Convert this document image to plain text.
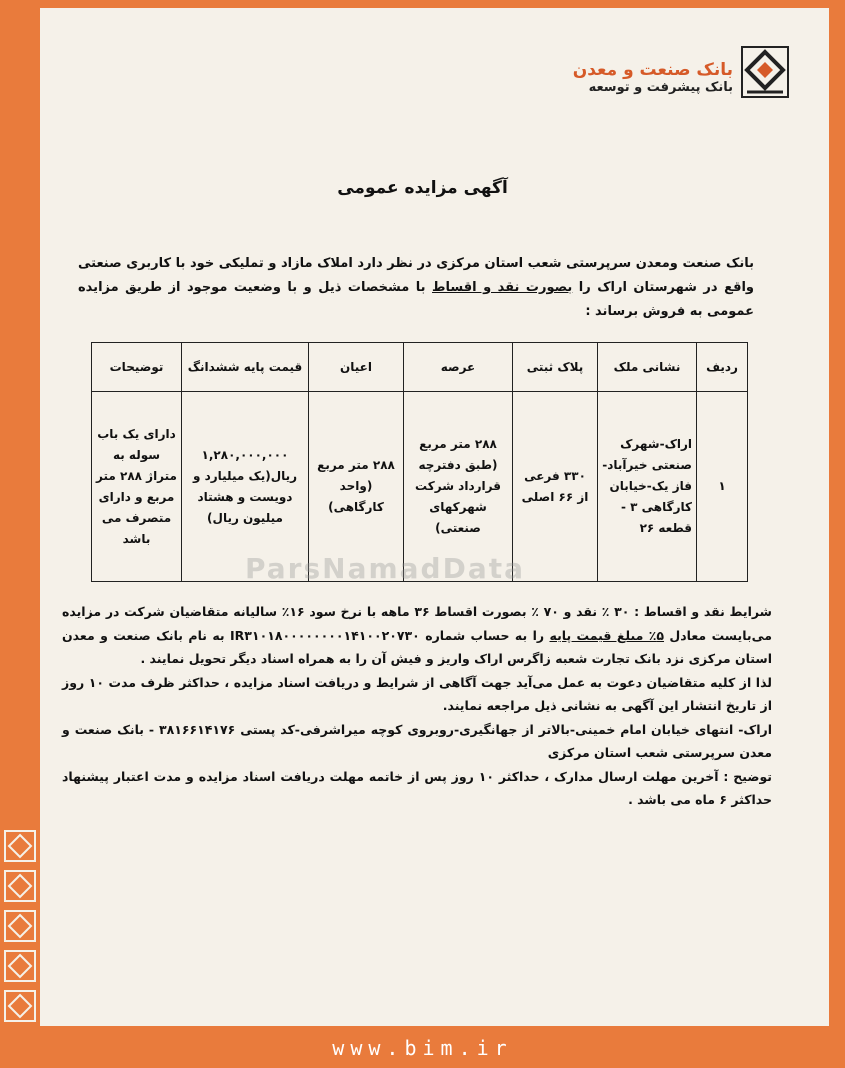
بانک صنعت و معدن
بانک پیشرفت و توسعه
آگهی مزایده عمومی
بانک صنعت ومعدن سرپرستی شعب استان مرکزی در نظر دارد املاک مازاد و تملیکی خود با کاربری صنعتی واقع در شهرستان اراک را بصورت نقد و اقساط با مشخصات ذیل و با وضعیت موجود از طریق مزایده عمومی به فروش برساند :
ردیف	نشانی ملک	پلاک ثبتی	عرصه	اعیان	قیمت پایه ششدانگ	توضیحات
۱	اراک-شهرک صنعتی خیرآباد- فاز یک-خیابان کارگاهی ۳ - قطعه ۲۶	۳۳۰ فرعی از ۶۶ اصلی	۲۸۸ متر مربع (طبق دفترچه قرارداد شرکت شهرکهای صنعتی)	۲۸۸ متر مربع (واحد کارگاهی)	۱,۲۸۰,۰۰۰,۰۰۰ ریال(یک میلیارد و دویست و هشتاد میلیون ریال)	دارای یک باب سوله به متراژ ۲۸۸ متر مربع و دارای متصرف می باشد
ParsNamadData

شرایط نقد و اقساط : ۳۰ ٪ نقد و ۷۰ ٪ بصورت اقساط ۳۶ ماهه با نرخ سود ۱۶٪ سالیانه متقاضیان شرکت در مزایده می‌بایست معادل ۵٪ مبلغ قیمت پایه را به حساب شماره IR۳۱۰۱۸۰۰۰۰۰۰۰۰۱۴۱۰۰۲۰۷۳۰ به نام بانک صنعت و معدن استان مرکزی نزد بانک تجارت شعبه زاگرس اراک واریز و فیش آن را به همراه اسناد دیگر تحویل نمایند .

لذا از کلیه متقاضیان دعوت به عمل می‌آید جهت آگاهی از شرایط و دریافت اسناد مزایده ، حداکثر ظرف مدت ۱۰ روز از تاریخ انتشار این آگهی به نشانی ذیل مراجعه نمایند.

اراک- انتهای خیابان امام خمینی-بالاتر از جهانگیری-روبروی کوچه میراشرفی-کد پستی ۳۸۱۶۶۱۴۱۷۶ - بانک صنعت و معدن سرپرستی شعب استان مرکزی

توضیح : آخرین مهلت ارسال مدارک ، حداکثر ۱۰ روز پس از خاتمه مهلت دریافت اسناد مزایده و مدت اعتبار پیشنهاد حداکثر ۶ ماه می باشد .

www.bim.ir
